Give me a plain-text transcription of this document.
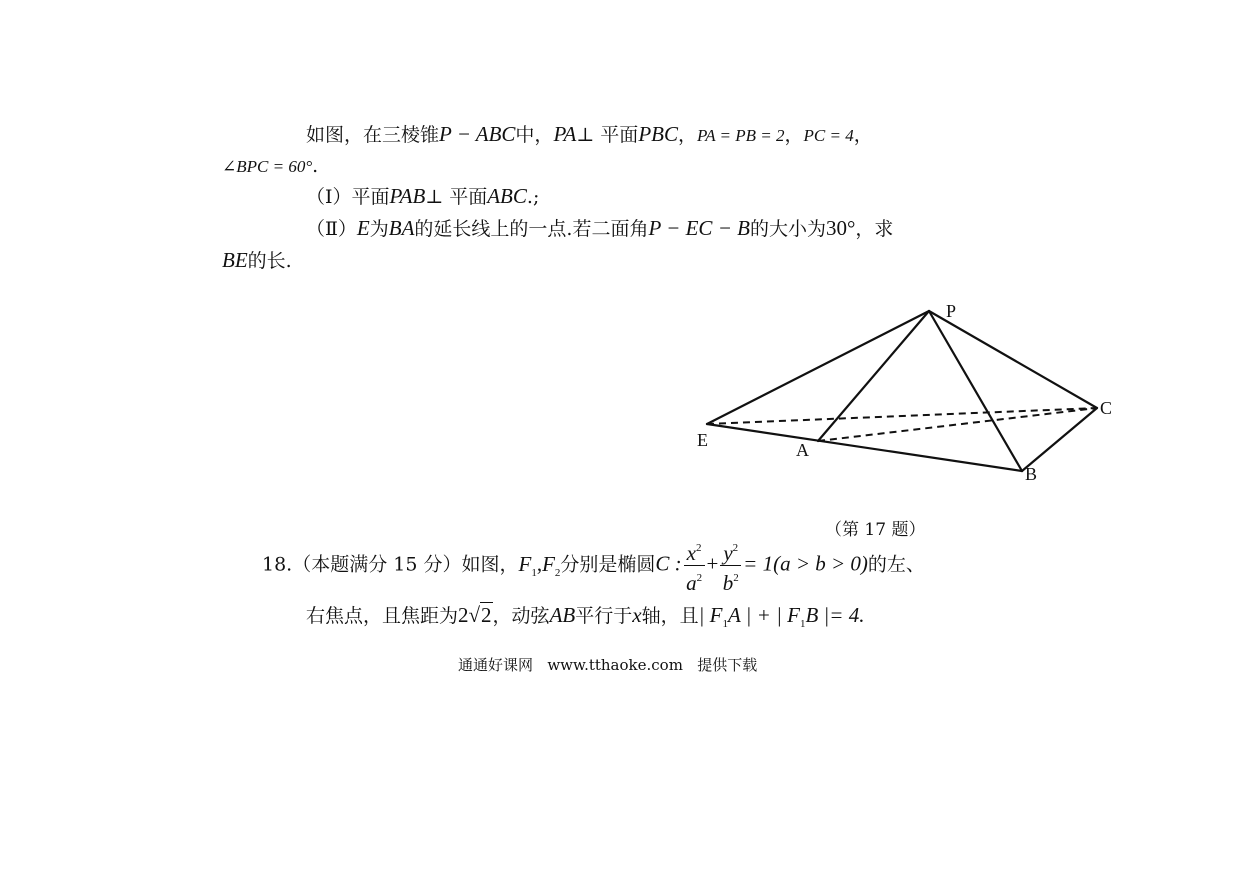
如图，在三棱锥P − ABC中，PA⊥ 平面PBC，PA = PB = 2，PC = 4，
∠BPC = 60°.
（Ⅰ）平面PAB⊥ 平面ABC.;
（Ⅱ）E为BA的延长线上的一点.若二面角P − EC − B的大小为30°，求
BE的长.
P
C
E	A
B
（第 17 题）
18.（本题满分 15 分）如图，$F_1,F_2$分别是椭圆C : $\frac{x^2}{a^2} + \frac{y^2}{b^2} = 1(a > b > 0)$的左、
右焦点，且焦距为2√2，动弦AB平行于x轴，且| $F_1A$ | + | $F_1B$ |= 4.
通通好课网 www.tthaoke.com 提供下载
